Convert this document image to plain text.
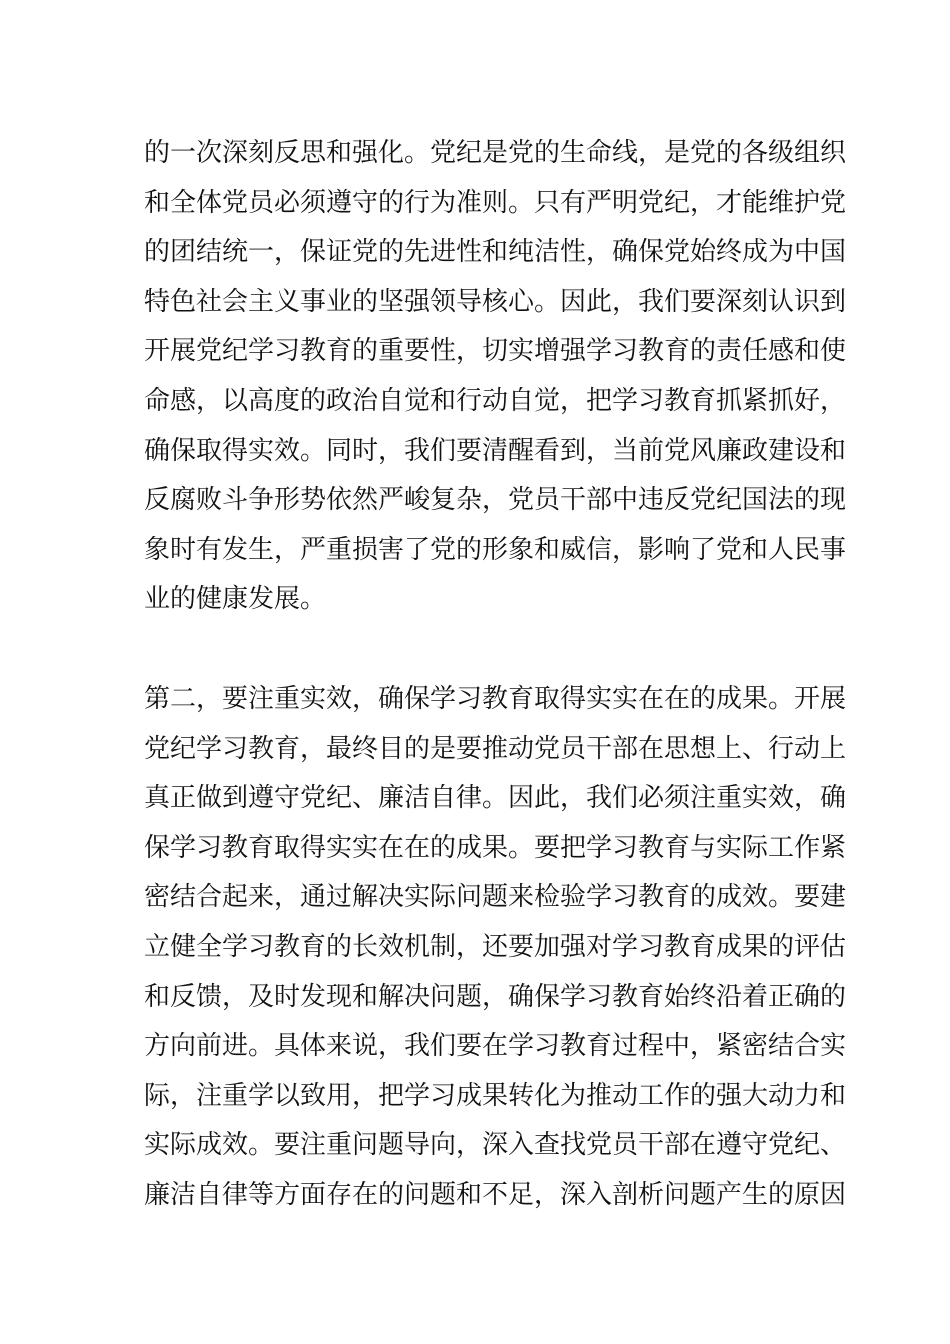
的一次深刻反思和强化。党纪是党的生命线，是党的各级组织
和全体党员必须遵守的行为准则。只有严明党纪，才能维护党
的团结统一，保证党的先进性和纯洁性，确保党始终成为中国
特色社会主义事业的坚强领导核心。因此，我们要深刻认识到
开展党纪学习教育的重要性，切实增强学习教育的责任感和使
命感，以高度的政治自觉和行动自觉，把学习教育抓紧抓好，
确保取得实效。同时，我们要清醒看到，当前党风廉政建设和
反腐败斗争形势依然严峻复杂，党员干部中违反党纪国法的现
象时有发生，严重损害了党的形象和威信，影响了党和人民事
业的健康发展。
第二，要注重实效，确保学习教育取得实实在在的成果。开展
党纪学习教育，最终目的是要推动党员干部在思想上、行动上
真正做到遵守党纪、廉洁自律。因此，我们必须注重实效，确
保学习教育取得实实在在的成果。要把学习教育与实际工作紧
密结合起来，通过解决实际问题来检验学习教育的成效。要建
立健全学习教育的长效机制，还要加强对学习教育成果的评估
和反馈，及时发现和解决问题，确保学习教育始终沿着正确的
方向前进。具体来说，我们要在学习教育过程中，紧密结合实
际，注重学以致用，把学习成果转化为推动工作的强大动力和
实际成效。要注重问题导向，深入查找党员干部在遵守党纪、
廉洁自律等方面存在的问题和不足，深入剖析问题产生的原因
